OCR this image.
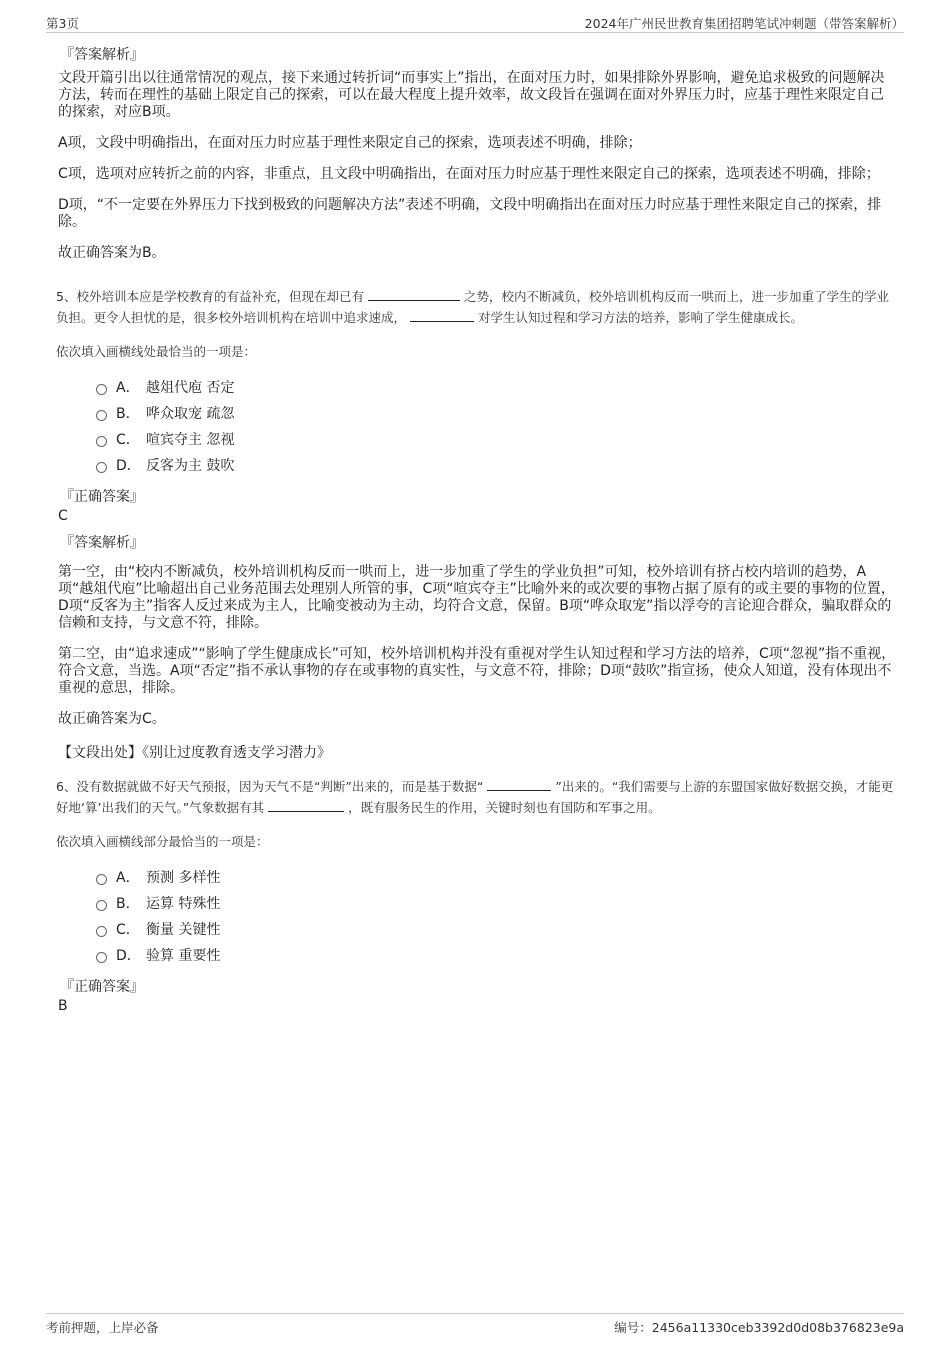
第3页	2024年广州民世教育集团招聘笔试冲刺题（带答案解析）
『答案解析』
文段开篇引出以往通常情况的观点，接下来通过转折词“而事实上”指出，在面对压力时，如果排除外界影响，避免追求极致的问题解决方法，转而在理性的基础上限定自己的探索，可以在最大程度上提升效率，故文段旨在强调在面对外界压力时，应基于理性来限定自己的探索，对应B项。
A项，文段中明确指出，在面对压力时应基于理性来限定自己的探索，选项表述不明确，排除；
C项，选项对应转折之前的内容，非重点，且文段中明确指出，在面对压力时应基于理性来限定自己的探索，选项表述不明确，排除；
D项，“不一定要在外界压力下找到极致的问题解决方法”表述不明确，文段中明确指出在面对压力时应基于理性来限定自己的探索，排除。
故正确答案为B。
5、校外培训本应是学校教育的有益补充，但现在却已有	之势，校内不断减负，校外培训机构反而一哄而上，进一步加重了学生的学业负担。更令人担忧的是，很多校外培训机构在培训中追求速成，	对学生认知过程和学习方法的培养，影响了学生健康成长。
依次填入画横线处最恰当的一项是：
A． 越俎代庖 否定
B． 哗众取宠 疏忽
C． 喧宾夺主 忽视
D． 反客为主 鼓吹
『正确答案』
C
『答案解析』
第一空，由“校内不断减负，校外培训机构反而一哄而上，进一步加重了学生的学业负担”可知，校外培训有挤占校内培训的趋势，A项“越俎代庖”比喻超出自己业务范围去处理别人所管的事，C项“喧宾夺主”比喻外来的或次要的事物占据了原有的或主要的事物的位置，D项“反客为主”指客人反过来成为主人，比喻变被动为主动，均符合文意，保留。B项“哗众取宠”指以浮夸的言论迎合群众，骗取群众的信赖和支持，与文意不符，排除。
第二空，由“追求速成”“影响了学生健康成长”可知，校外培训机构并没有重视对学生认知过程和学习方法的培养，C项“忽视”指不重视，符合文意，当选。A项“否定”指不承认事物的存在或事物的真实性，与文意不符，排除；D项“鼓吹”指宣扬，使众人知道，没有体现出不重视的意思，排除。
故正确答案为C。
【文段出处】《别让过度教育透支学习潜力》
6、没有数据就做不好天气预报，因为天气不是“判断”出来的，而是基于数据“	”出来的。“我们需要与上游的东盟国家做好数据交换，才能更好地‘算’出我们的天气。”气象数据有其	，既有服务民生的作用，关键时刻也有国防和军事之用。
依次填入画横线部分最恰当的一项是：
A． 预测 多样性
B． 运算 特殊性
C． 衡量 关键性
D． 验算 重要性
『正确答案』
B
考前押题，上岸必备	编号：2456a11330ceb3392d0d08b376823e9a
